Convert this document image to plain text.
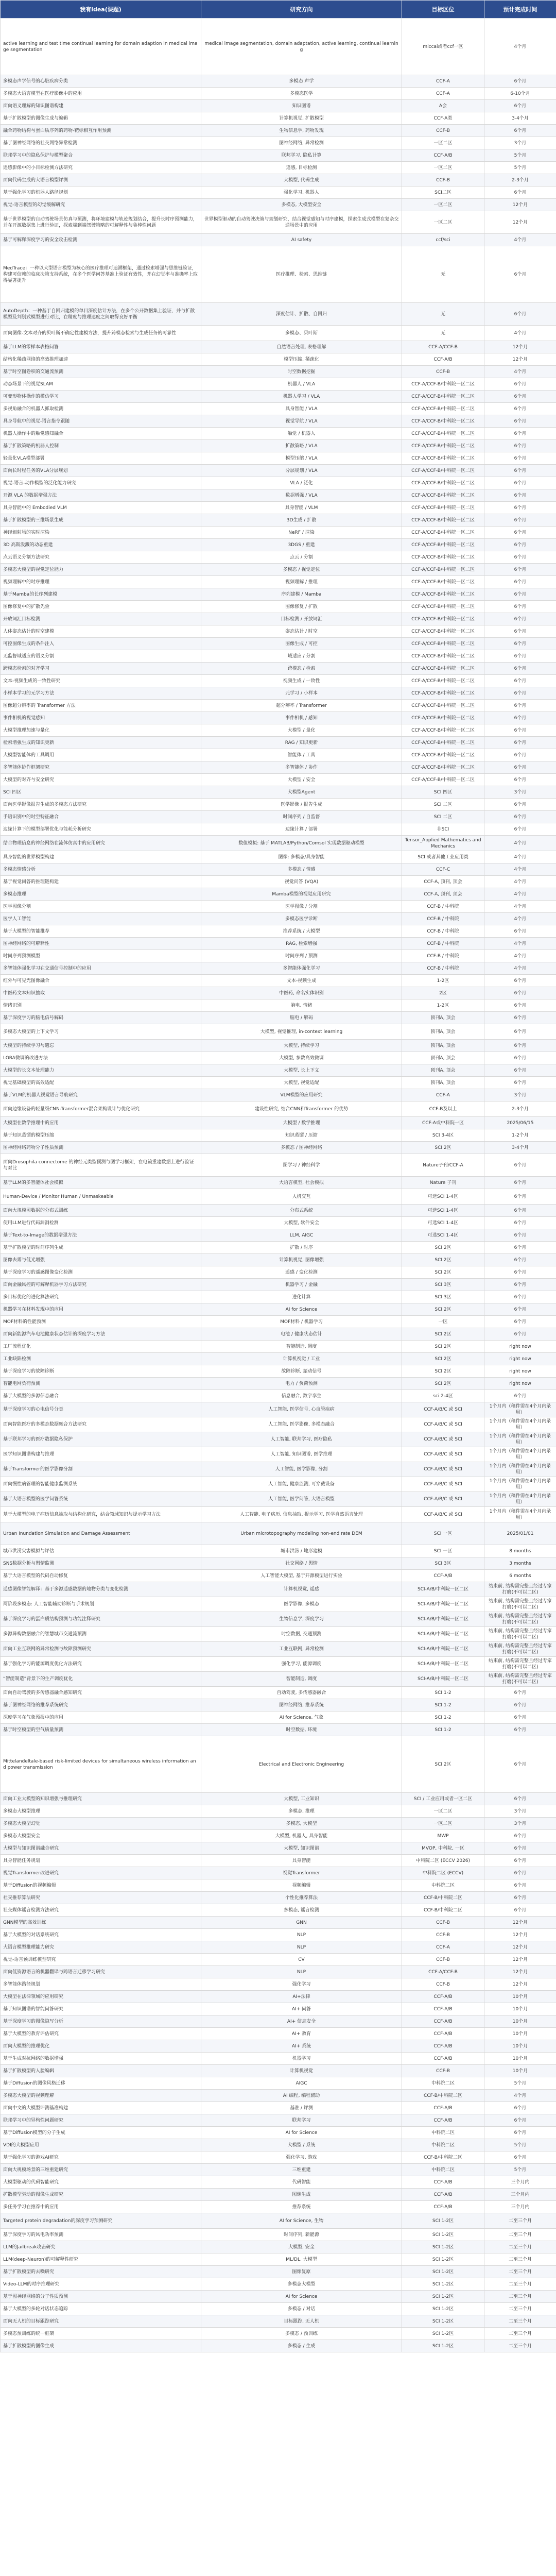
我有idea(课题)	研究方向	目标区位	预计完成时间
active learning and test time continual learning for domain adaption in medical image segmentation	medical image segmentation, domain adaptation, active learning, continual learning	miccai或者ccf一区	4个月
多模态声学信号的心脏疾病分类	多模态 声学	CCF-A	6个月
多模态大语言模型在医疗影像中的应用	多模态医学	CCF-A	6-10个月
面向语义理解的知识图谱构建	知识图谱	A会	6个月
基于扩散模型的图像生成与编辑	计算机视觉, 扩散模型	CCF-A类	3-4个月
融合药物结构与蛋白质序列的药物-靶标相互作用预测	生物信息学, 药物发现	CCF-B	6个月
基于图神经网络的社交网络异常检测	图神经网络, 异常检测	一区二区	3个月
联邦学习中的隐私保护与模型聚合	联邦学习, 隐私计算	CCF-A/B	5个月
遥感影像中的小目标检测方法研究	遥感, 目标检测	一区二区	5个月
面向代码生成的大语言模型评测	大模型, 代码生成	CCF-B	2-3个月
基于强化学习的机器人路径规划	强化学习, 机器人	SCI二区	6个月
视觉-语言模型的幻觉缓解研究	多模态, 大模型安全	一区二区	12个月
基于世界模型的自动驾驶场景仿真与预测，将环境建模与轨迹规划结合，提升长时序预测能力，并在开源数据集上进行验证，探索端到端驾驶策略的可解释性与鲁棒性问题	世界模型驱动的自动驾驶决策与规划研究，结合视觉感知与时序建模，探索生成式模型在复杂交通场景中的应用	一区二区	12个月
基于可解释深度学习的安全攻击检测	AI safety	ccf/sci	4个月
MedTrace：一种以大型语言模型为核心的医疗推理可追溯框架，通过检索增强与思维链验证，构建可信赖的临床决策支持系统，在多个医学问答基准上验证有效性，并在幻觉率与准确率上取得显著提升	医疗推理、检索、思维链	无	6个月
AutoDepth：一种基于自回归建模的单目深度估计方法，在多个公开数据集上验证，并与扩散模型及判别式模型进行对比，在精度与推理速度之间取得良好平衡	深度估计、扩散、自回归	无	6个月
面向图像-文本对齐的贝叶斯不确定性建模方法，提升跨模态检索与生成任务的可靠性	多模态、贝叶斯	无	4个月
基于LLM的零样本表格问答	自然语言处理, 表格理解	CCF-A/CCF-B	12个月
结构化稀疏网络的高效推理加速	模型压缩, 稀疏化	CCF-A/B	12个月
基于时空图卷积的交通流预测	时空数据挖掘	CCF-B	4个月
动态场景下的视觉SLAM	机器人 / VLA	CCF-A/CCF-B/中科院一区二区	6个月
可变形物体操作的模仿学习	机器人学习 / VLA	CCF-A/CCF-B/中科院一区二区	6个月
多视角融合的机器人抓取检测	具身智能 / VLA	CCF-A/CCF-B/中科院一区二区	6个月
具身导航中的视觉-语言指令跟随	视觉导航 / VLA	CCF-A/CCF-B/中科院一区二区	6个月
机器人操作中的触觉感知融合	触觉 / 机器人	CCF-A/CCF-B/中科院一区二区	6个月
基于扩散策略的机器人控制	扩散策略 / VLA	CCF-A/CCF-B/中科院一区二区	6个月
轻量化VLA模型部署	模型压缩 / VLA	CCF-A/CCF-B/中科院一区二区	6个月
面向长时程任务的VLA分层规划	分层规划 / VLA	CCF-A/CCF-B/中科院一区二区	6个月
视觉-语言-动作模型的泛化能力研究	VLA / 泛化	CCF-A/CCF-B/中科院一区二区	6个月
开源 VLA 的数据增强方法	数据增强 / VLA	CCF-A/CCF-B/中科院一区二区	6个月
具身智能中的 Embodied VLM	具身智能 / VLM	CCF-A/CCF-B/中科院一区二区	6个月
基于扩散模型的三维场景生成	3D生成 / 扩散	CCF-A/CCF-B/中科院一区二区	6个月
神经辐射场的实时渲染	NeRF / 渲染	CCF-A/CCF-B/中科院一区二区	6个月
3D 高斯泼溅的动态重建	3DGS / 重建	CCF-A/CCF-B/中科院一区二区	6个月
点云语义分割方法研究	点云 / 分割	CCF-A/CCF-B/中科院一区二区	6个月
多模态大模型的视觉定位能力	多模态 / 视觉定位	CCF-A/CCF-B/中科院一区二区	6个月
视频理解中的时序推理	视频理解 / 推理	CCF-A/CCF-B/中科院一区二区	6个月
基于Mamba的长序列建模	序列建模 / Mamba	CCF-A/CCF-B/中科院一区二区	6个月
图像修复中的扩散先验	图像修复 / 扩散	CCF-A/CCF-B/中科院一区二区	6个月
开放词汇目标检测	目标检测 / 开放词汇	CCF-A/CCF-B/中科院一区二区	6个月
人体姿态估计的时空建模	姿态估计 / 时空	CCF-A/CCF-B/中科院一区二区	6个月
可控图像生成的条件注入	图像生成 / 可控	CCF-A/CCF-B/中科院一区二区	6个月
无监督域适应的语义分割	域适应 / 分割	CCF-A/CCF-B/中科院一区二区	6个月
跨模态检索的对齐学习	跨模态 / 检索	CCF-A/CCF-B/中科院一区二区	6个月
文本-视频生成的一致性研究	视频生成 / 一致性	CCF-A/CCF-B/中科院一区二区	6个月
小样本学习的元学习方法	元学习 / 小样本	CCF-A/CCF-B/中科院一区二区	6个月
图像超分辨率的 Transformer 方法	超分辨率 / Transformer	CCF-A/CCF-B/中科院一区二区	6个月
事件相机的视觉感知	事件相机 / 感知	CCF-A/CCF-B/中科院一区二区	6个月
大模型推理加速与量化	大模型 / 量化	CCF-A/CCF-B/中科院一区二区	6个月
检索增强生成的知识更新	RAG / 知识更新	CCF-A/CCF-B/中科院一区二区	6个月
大模型智能体的工具调用	智能体 / 工具	CCF-A/CCF-B/中科院一区二区	6个月
多智能体协作框架研究	多智能体 / 协作	CCF-A/CCF-B/中科院一区二区	6个月
大模型的对齐与安全研究	大模型 / 安全	CCF-A/CCF-B/中科院一区二区	6个月
SCI 四区	大模型Agent	SCI 四区	3个月
面向医学影像报告生成的多模态方法研究	医学影像 / 报告生成	SCI 二区	6个月
手语识别中的时空特征融合	时间序列 / 自监督	SCI 二区	6个月
边缘计算下的模型部署优化与能耗分析研究	边缘计算 / 部署	非SCI	6个月
结合物理信息的神经网络在流体仿真中的应用研究	数值模拟: 基于 MATLAB/Python/Comsol 实现数据驱动模型	Tensor_Applied Mathematics and Mechanics	4个月
具身智能的世界模型构建	图像: 多模态/具身智能	SCI 或者其他工业应用类	4个月
多模态情感分析	多模态 / 情感	CCF-C	4个月
基于视觉问答的推理链构建	视觉问答 (VQA)	CCF-A, 顶刊, 顶会	4个月
多模态推理	Mamba模型的视觉应用研究	CCF-A, 顶刊, 顶会	4个月
医学图像分割	医学图像 / 分割	CCF-B / 中科院	4个月
医学人工智能	多模态医学诊断	CCF-B / 中科院	4个月
基于大模型的智能推荐	推荐系统 / 大模型	CCF-B / 中科院	6个月
图神经网络的可解释性	RAG, 检索增强	CCF-B / 中科院	4个月
时间序列预测模型	时间序列 / 预测	CCF-B / 中科院	4个月
多智能体强化学习在交通信号控制中的应用	多智能体强化学习	CCF-B / 中科院	4个月
红外与可见光图像融合	文本-视频生成	1-2区	6个月
中医药文本知识抽取	中医药, 命名实体识别	2区	6个月
情绪识别	脑电, 情绪	1-2区	6个月
基于深度学习的脑电信号解码	脑电 / 解码	顶刊A, 顶会	6个月
多模态大模型的上下文学习	大模型, 视觉推理, in-context learning	顶刊A, 顶会	6个月
大模型的持续学习与遗忘	大模型, 持续学习	顶刊A, 顶会	6个月
LORA微调的改进方法	大模型, 参数高效微调	顶刊A, 顶会	6个月
大模型的长文本处理能力	大模型, 长上下文	顶刊A, 顶会	6个月
视觉基础模型的高效适配	大模型, 视觉适配	顶刊A, 顶会	6个月
基于VLM的机器人视觉语言导航研究	VLM模型的应用研究	CCF-A	3个月
面向边缘设备的轻量级CNN-Transformer混合架构设计与优化研究	建设性研究, 结合CNN和Transformer 的优势	CCF-B及以上	2-3个月
大模型在数学推理中的应用	大模型 / 数学推理	CCF-A或中科院一区	2025/06/15
基于知识蒸馏的模型压缩	知识蒸馏 / 压缩	SCI 3-4区	1-2个月
图神经网络药物分子性质预测	多模态 / 图神经网络	SCI 2区	3-4个月
面向Drosophila connectome 的神经元类型预测与图学习框架，在电镜重建数据上进行验证与对比	图学习 / 神经科学	Nature子刊/CCF-A	6个月
基于LLM的多智能体社会模拟	大语言模型, 社会模拟	Nature 子刊	6个月
Human-Device / Monitor Human / Unmaskeable	人机交互	可选SCI 1-4区	6个月
面向大规模图数据的分布式训练	分布式系统	可选SCI 1-4区	6个月
使用LLM进行代码漏洞检测	大模型, 软件安全	可选SCI 1-4区	6个月
基于Text-to-Image的数据增强方法	LLM, AIGC	可选SCI 1-4区	6个月
基于扩散模型的时间序列生成	扩散 / 时序	SCI 2区	6个月
图像去雾与低光增强	计算机视觉, 图像增强	SCI 2区	6个月
基于深度学习的遥感图像变化检测	遥感 / 变化检测	SCI 2区	6个月
面向金融风控的可解释机器学习方法研究	机器学习 / 金融	SCI 3区	6个月
多目标优化的进化算法研究	进化计算	SCI 3区	6个月
机器学习在材料发现中的应用	AI for Science	SCI 2区	6个月
MOF材料的性能预测	MOF材料 / 机器学习	一区	6个月
面向新能源汽车电池健康状态估计的深度学习方法	电池 / 健康状态估计	SCI 2区	6个月
工厂流程优化	智能制造, 调度	SCI 2区	right now
工业缺陷检测	计算机视觉 / 工业	SCI 2区	right now
基于深度学习的故障诊断	故障诊断, 振动信号	SCI 2区	right now
智能电网负荷预测	电力 / 负荷预测	SCI 2区	right now
基于大模型的多源信息融合	信息融合, 数字孪生	sci 2-4区	6个月
基于深度学习的心电信号分类	人工智能, 医学信号, 心血管疾病	CCF-A/B/C 或 SCI	1个月内（稿件需在4个月内录用）
面向智能医疗的多模态数据融合方法研究	人工智能, 医学影像, 多模态融合	CCF-A/B/C 或 SCI	1个月内（稿件需在4个月内录用）
基于联邦学习的医疗数据隐私保护	人工智能, 联邦学习, 医疗隐私	CCF-A/B/C 或 SCI	1个月内（稿件需在4个月内录用）
医学知识图谱构建与推理	人工智能, 知识图谱, 医学推理	CCF-A/B/C 或 SCI	1个月内（稿件需在4个月内录用）
基于Transformer的医学影像分割	人工智能, 医学影像, 分割	CCF-A/B/C 或 SCI	1个月内（稿件需在4个月内录用）
面向慢性病管理的智能健康监测系统	人工智能, 健康监测, 可穿戴设备	CCF-A/B/C 或 SCI	1个月内（稿件需在4个月内录用）
基于大语言模型的医学问答系统	人工智能, 医学问答, 大语言模型	CCF-A/B/C 或 SCI	1个月内（稿件需在4个月内录用）
基于大模型的电子病历信息抽取与结构化研究，结合领域知识与提示学习方法	人工智能, 电子病历, 信息抽取, 提示学习, 医学自然语言处理	CCF-A/B/C 或 SCI	1个月内（稿件需在4个月内录用）
Urban Inundation Simulation and Damage Assessment	Urban microtopography modeling non-end rate DEM	SCI 一区	2025/01/01
城市洪涝灾害模拟与评估	城市洪涝 / 地形建模	SCI 一区	8 months
SNS数据分析与舆情监测	社交网络 / 舆情	SCI 3区	3 months
基于大语言模型的代码自动修复	人工智能大模型, 基于开源模型进行实验	CCF-A/B	6 months
遥感图像智能解译：基于多源遥感数据的地物分类与变化检测	计算机视觉, 遥感	SCI-A/B/中科院一区二区	结束前, 结构需完整且经过专家打磨(不可以二区)
两阶段多模态: 人工智能辅助诊断与手术规划	医学影像, 多模态	SCI-A/B/中科院一区二区	结束前, 结构需完整且经过专家打磨(不可以二区)
基于深度学习的蛋白质结构预测与功能注释研究	生物信息学, 深度学习	SCI-A/B/中科院一区二区	结束前, 结构需完整且经过专家打磨(不可以二区)
多源异构数据融合的智慧城市交通流预测	时空数据, 交通预测	SCI-A/B/中科院一区二区	结束前, 结构需完整且经过专家打磨(不可以二区)
面向工业互联网的异常检测与故障预测研究	工业互联网, 异常检测	SCI-A/B/中科院一区二区	结束前, 结构需完整且经过专家打磨(不可以二区)
基于强化学习的能源调度优化方法研究	强化学习, 能源调度	SCI-A/B/中科院一区二区	结束前, 结构需完整且经过专家打磨(不可以二区)
“智能制造”背景下的生产调度优化	智能制造, 调度	SCI-A/B/中科院一区二区	结束前, 结构需完整且经过专家打磨(不可以二区)
面向自动驾驶的多传感器融合感知研究	自动驾驶, 多传感器融合	SCI 1-2	6个月
基于图神经网络的推荐系统研究	图神经网络, 推荐系统	SCI 1-2	6个月
深度学习在气象预报中的应用	AI for Science, 气象	SCI 1-2	6个月
基于时空模型的空气质量预测	时空数据, 环境	SCI 1-2	6个月
Mittelandeltale-based risk-limited devices for simultaneous wireless information and power transmission	Electrical and Electronic Engineering	SCI 2区	6个月
面向工业大模型的知识增强与推理研究	大模型, 工业知识	SCI / 工业应用或者一区二区	6个月
多模态大模型推理	多模态, 推理	一区二区	3个月
多模态大模型幻觉	多模态, 大模型	一区二区	3个月
多模态大模型安全	大模型, 机器人, 具身智能	MWP	6个月
大模型与知识图谱融合研究	大模型, 知识图谱	MVOP, 中科院, 一区	6个月
具身智能任务规划	具身智能	中科院二区 (ECCV 2026)	6个月
视觉Transformer改进研究	视觉Transformer	中科院二区 (ECCV)	6个月
基于Diffusion的视频编辑	视频编辑	中科院二区	6个月
社交推荐算法研究	个性化推荐算法	CCF-B/中科院二区	6个月
社交媒体谣言检测方法研究	多模态, 谣言检测	CCF-B/中科院二区	6个月
GNN模型的高效训练	GNN	CCF-B	12个月
基于大模型的对话系统研究	NLP	CCF-B	12个月
大语言模型推理能力研究	NLP	CCF-A	12个月
视觉-语言预训练模型研究	CV	CCF-B	12个月
面向低资源语言的机器翻译与跨语言迁移学习研究	NLP	CCF-A/CCF-B	12个月
多智能体路径规划	强化学习	CCF-B	12个月
大模型在法律领域的应用研究	AI+法律	CCF-A/B	10个月
基于知识图谱的智能问答研究	AI+ 问答	CCF-A/B	10个月
基于深度学习的图像隐写分析	AI+ 信息安全	CCF-A/B	10个月
基于大模型的教育评估研究	AI+ 教育	CCF-A/B	10个月
面向大模型的推理优化	AI+ 系统	CCF-A/B	10个月
基于生成对抗网络的数据增强	机器学习	CCF-A/B	10个月
基于扩散模型的人脸编辑	计算机视觉	CCF-B	10个月
基于Diffusion的图像风格迁移	AIGC	中科院二区	5个月
多模态大模型的视频理解	AI 编程, 编程辅助	CCF-B/中科院二区	4个月
面向中文的大模型评测基准构建	基准 / 评测	CCF-A/B	6个月
联邦学习中的异构性问题研究	联邦学习	CCF-A/B	6个月
基于Diffusion模型的分子生成	AI for Science	中科院二区	6个月
VDI的大模型应用	大模型 / 系统	中科院二区	5个月
基于强化学习的游戏AI研究	强化学习, 游戏	CCF-B/中科院二区	6个月
面向大规模场景的三维重建研究	三维重建	中科院二区	5个月
大模型驱动的代码智能研究	代码智能	CCF-A/B	三个月内
扩散模型驱动的图像生成研究	图像生成	CCF-A/B	三个月内
多任务学习在推荐中的应用	推荐系统	CCF-A/B	三个月内
Targeted protein degradation的深度学习预测研究	AI for Science, 生物	SCI 1-2区	二至三个月
基于深度学习的风电功率预测	时间序列, 新能源	SCI 1-2区	二至三个月
LLM的Jailbreak攻击研究	大模型, 安全	SCI 1-2区	二至三个月
LLM(deep-Neuron)的可解释性研究	ML/DL, 大模型	SCI 1-2区	二至三个月
基于扩散模型的去噪研究	图像复原	SCI 1-2区	二至三个月
Video-LLM的时序推理研究	多模态大模型	SCI 1-2区	二至三个月
基于图神经网络的分子性质预测	AI for Science	SCI 1-2区	二至三个月
基于大模型的多轮对话状态追踪	多模态 / 对话	SCI 1-2区	二至三个月
面向无人机的目标跟踪研究	目标跟踪, 无人机	SCI 1-2区	二至三个月
多模态预训练的统一框架	多模态 / 预训练	SCI 1-2区	二至三个月
基于扩散模型的图像生成	多模态 / 生成	SCI 1-2区	二至三个月
